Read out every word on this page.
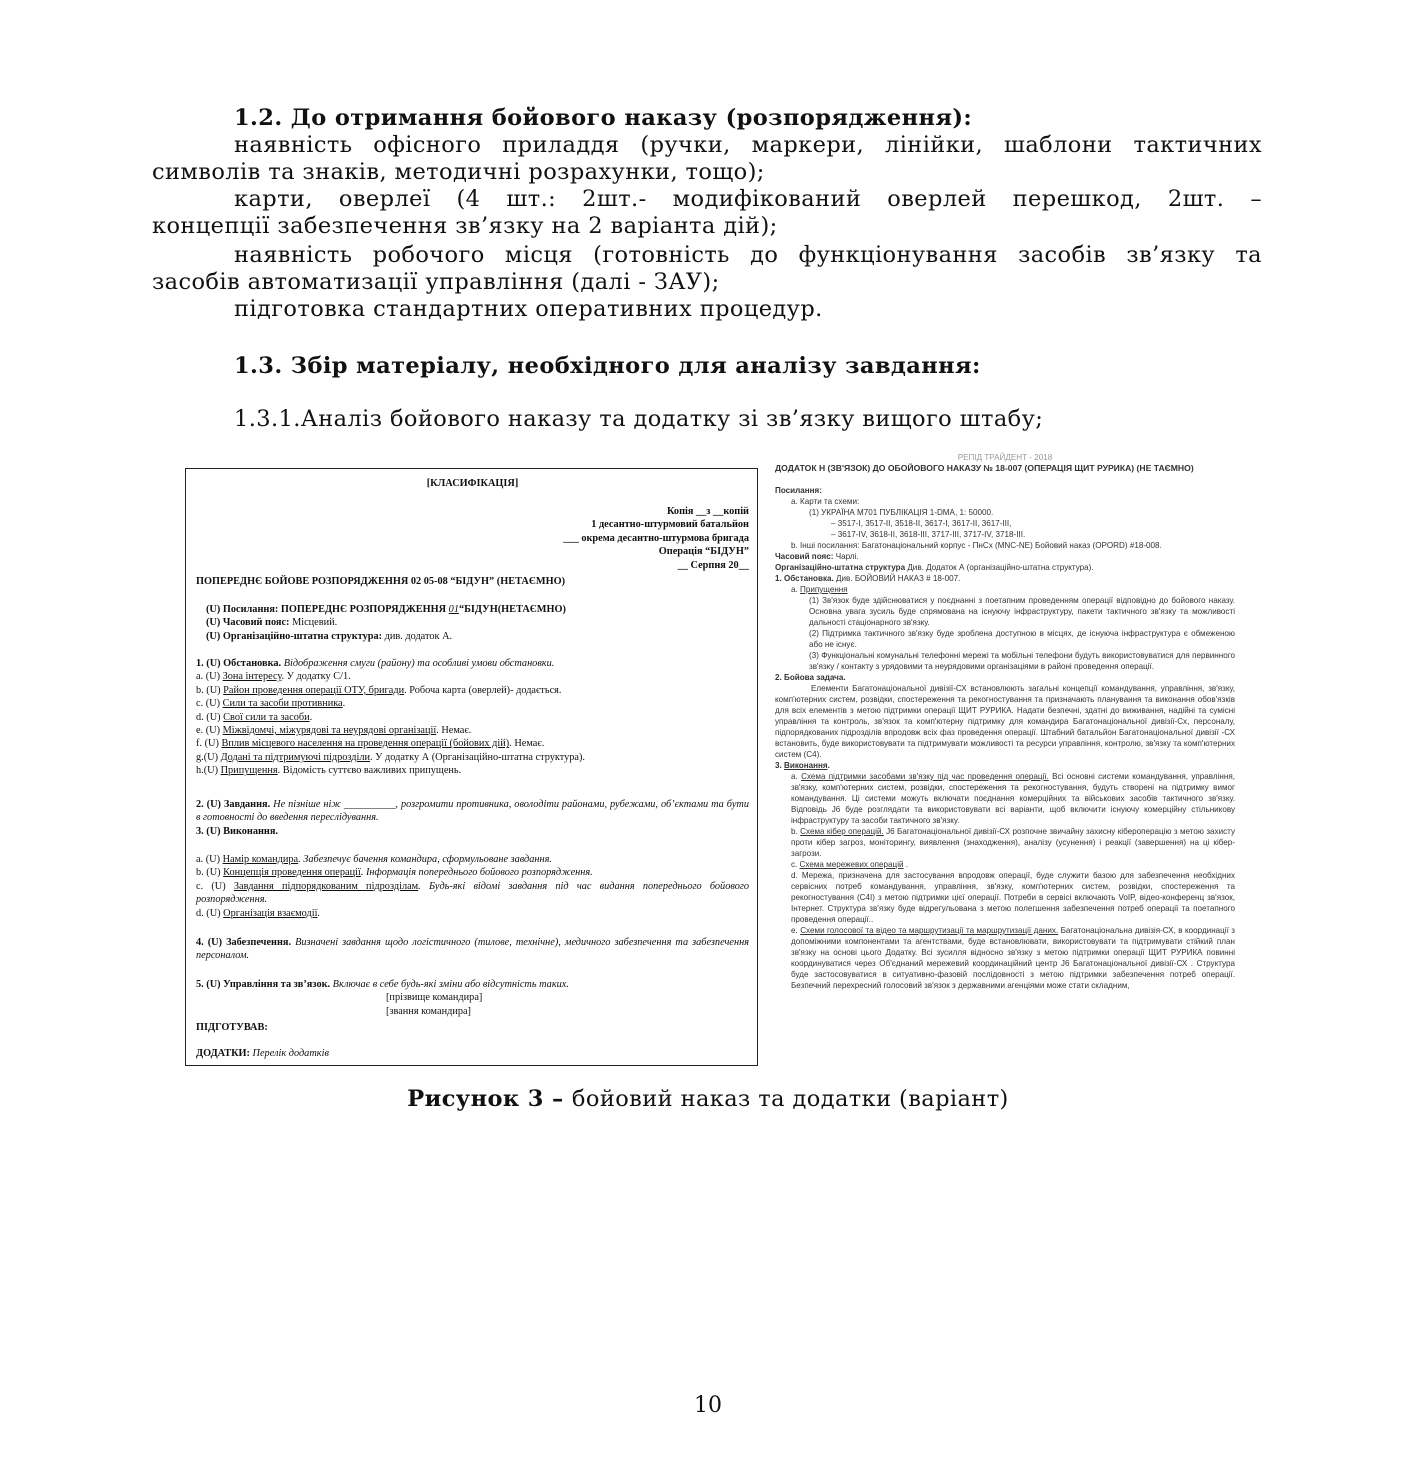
1.2. До отримання бойового наказу (розпорядження):
наявність офісного приладдя (ручки, маркери, лінійки, шаблони тактичних
символів та знаків, методичні розрахунки, тощо);
карти, оверлеї (4 шт.: 2шт.- модифікований оверлей перешкод, 2шт. –
концепції забезпечення зв’язку на 2 варіанта дій);
наявність робочого місця (готовність до функціонування засобів зв’язку та
засобів автоматизації управління (далі - ЗАУ);
підготовка стандартних оперативних процедур.
1.3. Збір матеріалу, необхідного для аналізу завдання:
1.3.1.Аналіз бойового наказу та додатку зі зв’язку вищого штабу;
[КЛАСИФІКАЦІЯ]
Копія __з __копій
1 десантно-штурмовий батальйон
___ окрема десантно-штурмова бригада
Операція “БІДУН”
__ Серпня 20__
ПОПЕРЕДНЄ БОЙОВЕ РОЗПОРЯДЖЕННЯ 02 05-08 “БІДУН” (НЕТАЄМНО)
(U) Посилання: ПОПЕРЕДНЄ РОЗПОРЯДЖЕННЯ 01“БІДУН(НЕТАЄМНО)
(U) Часовий пояс: Місцевий.
(U) Організаційно-штатна структура: див. додаток А.
1. (U) Обстановка. Відображення смуги (району) та особливі умови обстановки.
a. (U) Зона інтересу. У додатку С/1.
b. (U) Район проведення операції ОТУ, бригади. Робоча карта (оверлей)- додається.
c. (U) Сили та засоби противника.
d. (U) Свої сили та засоби.
e. (U) Міжвідомчі, міжурядові та неурядові організації. Немає.
f. (U) Вплив місцевого населення на проведення операції (бойових дій). Немає.
g.(U) Додані та підтримуючі підрозділи. У додатку А (Організаційно-штатна структура).
h.(U) Припущення. Відомість суттєво важливих припущень.
2. (U) Завдання. Не пізніше ніж __________, розгромити противника, оволодіти районами, рубежами, об’єктами та бути в готовності до введення переслідування.
3. (U) Виконання.
a. (U) Намір командира. Забезпечує бачення командира, сформульоване завдання.
b. (U) Концепція проведення операції. Інформація попереднього бойового розпорядження.
c. (U) Завдання підпорядкованим підрозділам. Будь-які відомі завдання під час видання попереднього бойового розпорядження.
d. (U) Організація взаємодії.
4. (U) Забезпечення. Визначені завдання щодо логістичного (тилове, технічне), медичного забезпечення та забезпечення персоналом.
5. (U) Управління та зв’язок. Включає в себе будь-які зміни або відсутність таких.
[прізвище командира]
[звання командира]
ПІДГОТУВАВ:
ДОДАТКИ: Перелік додатків
РЕПІД ТРАЙДЕНТ - 2018
ДОДАТОК Н (ЗВ'ЯЗОК) ДО ОБОЙОВОГО НАКАЗУ № 18-007 (ОПЕРАЦІЯ ЩИТ РУРИКА) (НЕ ТАЄМНО)
Посилання:
a. Карти та схеми:
(1) УКРАЇНА M701 ПУБЛІКАЦІЯ 1-DMA, 1: 50000.
– 3517-I, 3517-II, 3518-II, 3617-I, 3617-II, 3617-III,
– 3617-IV, 3618-II, 3618-III, 3717-III, 3717-IV, 3718-III.
b. Інші посилання: Багатонаціональний корпус - ПнСх (MNC-NE) Бойовий наказ (OPORD) #18-008.
Часовий пояс: Чарлі.
Організаційно-штатна структура Див. Додаток А (організаційно-штатна структура).
1. Обстановка. Див. БОЙОВИЙ НАКАЗ # 18-007.
a. Припущення

(1) Зв'язок буде здійснюватися у поєднанні з поетапним проведенням операції відповідно до бойового наказу. Основна увага зусиль буде спрямована на існуючу інфраструктуру, пакети тактичного зв'язку та можливості дальності стаціонарного зв'язку.

(2) Підтримка тактичного зв'язку буде зроблена доступною в місцях, де існуюча інфраструктура є обмеженою або не існує.

(3) Функціональні комунальні телефонні мережі та мобільні телефони будуть використовуватися для первинного зв'язку / контакту з урядовими та неурядовими організаціями в районі проведення операції.

2. Бойова задача.

Елементи Багатонаціональної дивізії-СХ встановлюють загальні концепції командування, управління, зв'язку, комп'ютерних систем, розвідки, спостереження та рекогностування та призначають планування та виконання обов'язків для всіх елементів з метою підтримки операції ЩИТ РУРИКА. Надати безпечні, здатні до виживання, надійні та сумісні управління та контроль, зв'язок та комп'ютерну підтримку для командира Багатонаціональної дивізії-Сх, персоналу, підпорядкованих підрозділів впродовж всіх фаз проведення операції. Штабний батальйон Багатонаціональної дивізії -СХ встановить, буде використовувати та підтримувати можливості та ресурси управління, контролю, зв'язку та комп'ютерних систем (С4).

3. Виконання.

a. Схема підтримки засобами зв'язку під час проведення операції. Всі основні системи командування, управління, зв'язку, комп'ютерних систем, розвідки, спостереження та рекогностування, будуть створені на підтримку вимог командування. Ці системи можуть включати поєднання комерційних та військових засобів тактичного зв'язку. Відповідь J6 буде розглядати та використовувати всі варіанти, щоб включити існуючу комерційну стільникову інфраструктуру та засоби тактичного зв'язку.

b. Схема кібер операцій. J6 Багатонаціональної дивізії-СХ розпочне звичайну захисну кібероперацію з метою захисту проти кібер загроз, моніторингу, виявлення (знаходження), аналізу (усунення) і реакції (завершення) на ці кібер-загрози.

c. Схема мережевих операцій .

d. Мережа, призначена для застосування впродовж операції, буде служити базою для забезпечення необхідних сервісних потреб командування, управління, зв'язку, комп'ютерних систем, розвідки, спостереження та рекогностування (C4I) з метою підтримки цієї операції. Потреби в сервісі включають VoIP, відео-конференц зв'язок, Інтернет. Структура зв'язку буде відрегульована з метою полегшення забезпечення потреб операції та поетапного проведення операції..

e. Схеми голосової та відео та маршрутизації та маршрутизації даних. Багатонаціональна дивізія-СХ, в координації з допоміжними компонентами та агентствами, буде встановлювати, використовувати та підтримувати стійкий план зв'язку на основі цього Додатку. Всі зусилля відносно зв'язку з метою підтримки операції ЩИТ РУРИКА повинні координуватися через Об'єднаний мережевий координаційний центр J6 Багатонаціональної дивізії-СХ . Структура буде застосовуватися в ситуативно-фазовій послідовності з метою підтримки забезпечення потреб операції. Безпечний перехресний голосовий зв'язок з державними агенціями може стати складним,

Рисунок 3 – бойовий наказ та додатки (варіант)
10
